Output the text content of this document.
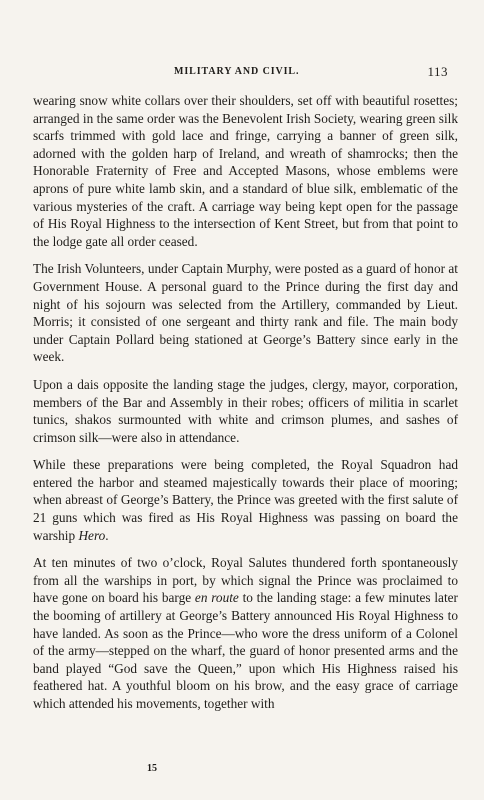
MILITARY AND CIVIL.	113

wearing snow white collars over their shoulders, set off with beautiful rosettes; arranged in the same order was the Benevolent Irish Society, wearing green silk scarfs trimmed with gold lace and fringe, carrying a banner of green silk, adorned with the golden harp of Ireland, and wreath of shamrocks; then the Honorable Fraternity of Free and Accepted Masons, whose emblems were aprons of pure white lamb skin, and a standard of blue silk, emblematic of the various mysteries of the craft. A carriage way being kept open for the passage of His Royal Highness to the intersection of Kent Street, but from that point to the lodge gate all order ceased.

The Irish Volunteers, under Captain Murphy, were posted as a guard of honor at Government House. A personal guard to the Prince during the first day and night of his sojourn was selected from the Artillery, commanded by Lieut. Morris; it consisted of one sergeant and thirty rank and file. The main body under Captain Pollard being stationed at George’s Battery since early in the week.

Upon a dais opposite the landing stage the judges, clergy, mayor, corporation, members of the Bar and Assembly in their robes; officers of militia in scarlet tunics, shakos surmounted with white and crimson plumes, and sashes of crimson silk—were also in attendance.

While these preparations were being completed, the Royal Squadron had entered the harbor and steamed majestically towards their place of mooring; when abreast of George’s Battery, the Prince was greeted with the first salute of 21 guns which was fired as His Royal Highness was passing on board the warship Hero.

At ten minutes of two o’clock, Royal Salutes thundered forth spontaneously from all the warships in port, by which signal the Prince was proclaimed to have gone on board his barge en route to the landing stage: a few minutes later the booming of artillery at George’s Battery announced His Royal Highness to have landed. As soon as the Prince—who wore the dress uniform of a Colonel of the army—stepped on the wharf, the guard of honor presented arms and the band played “God save the Queen,” upon which His Highness raised his feathered hat. A youthful bloom on his brow, and the easy grace of carriage which attended his movements, together with

15
